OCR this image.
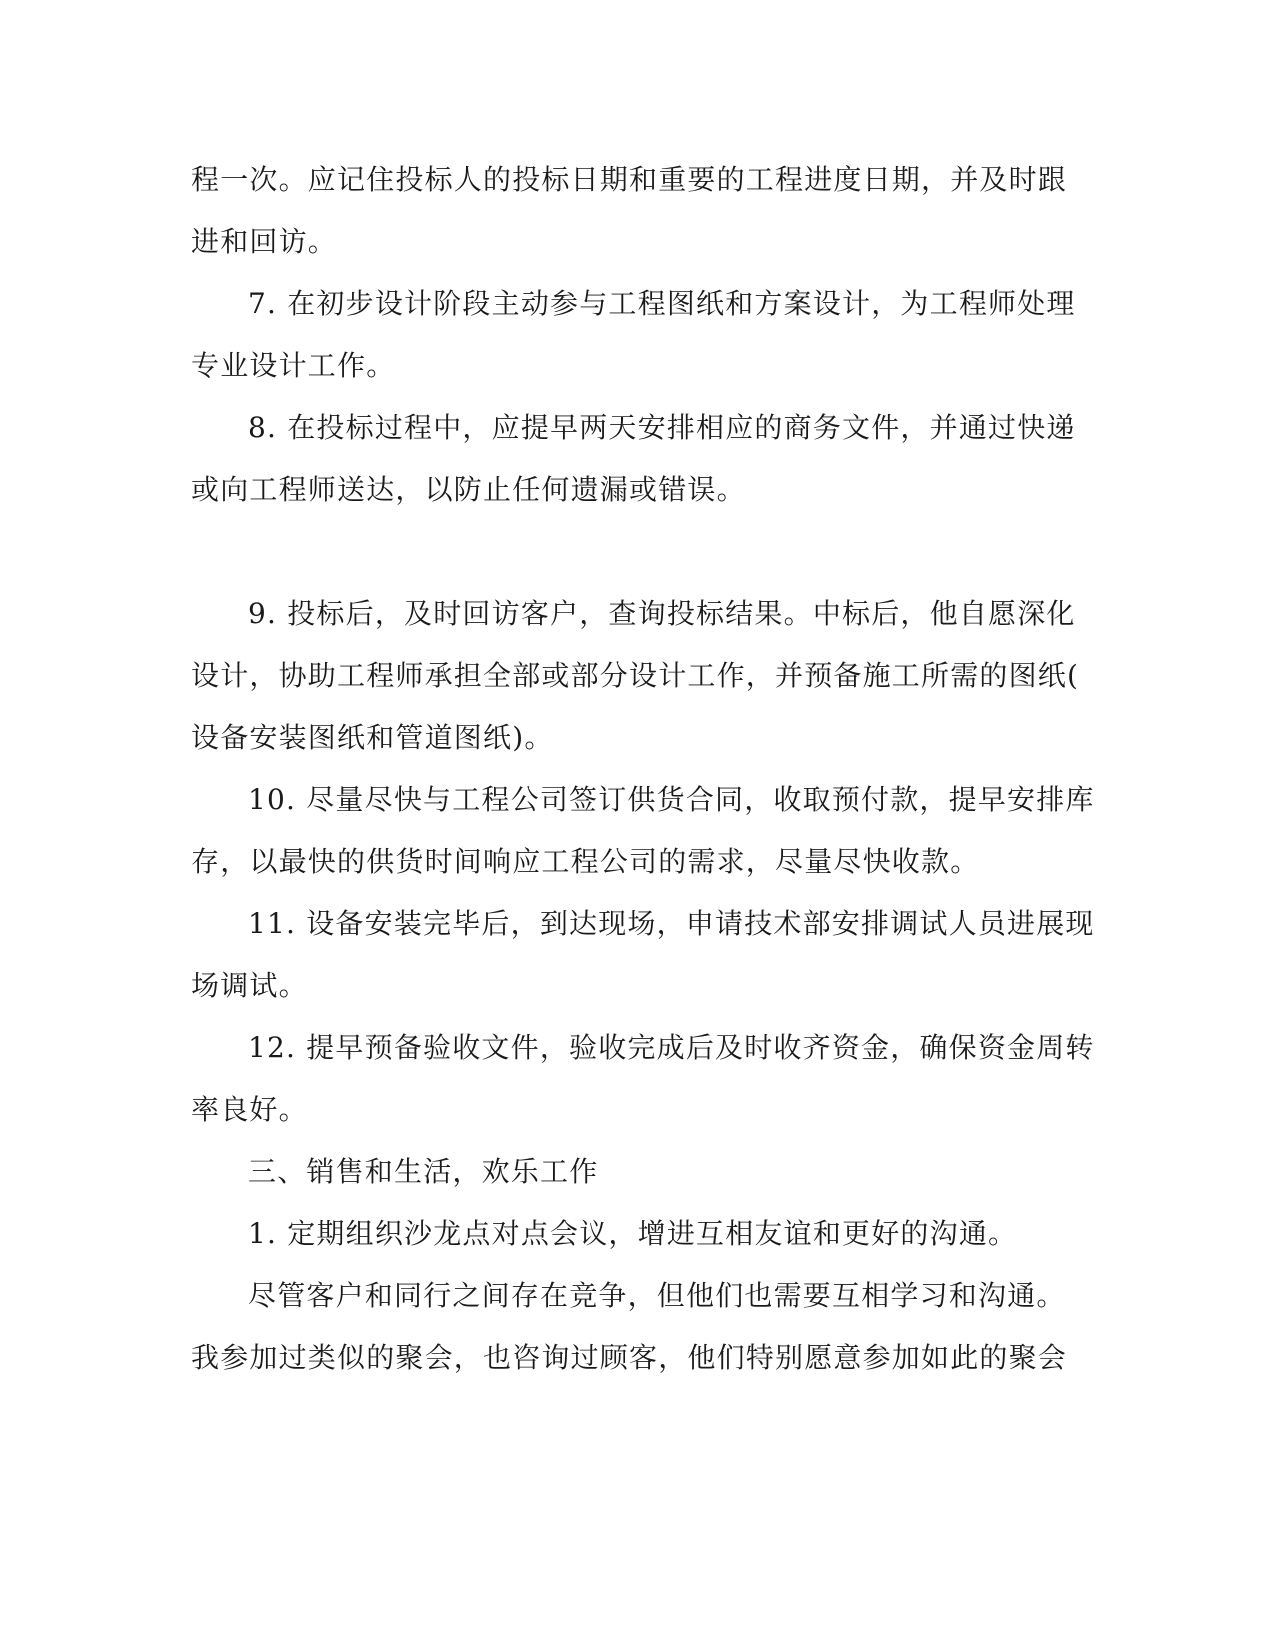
程一次。应记住投标人的投标日期和重要的工程进度日期，并及时跟
进和回访。
7. 在初步设计阶段主动参与工程图纸和方案设计，为工程师处理
专业设计工作。
8. 在投标过程中，应提早两天安排相应的商务文件，并通过快递
或向工程师送达，以防止任何遗漏或错误。
9. 投标后，及时回访客户，查询投标结果。中标后，他自愿深化
设计，协助工程师承担全部或部分设计工作，并预备施工所需的图纸(
设备安装图纸和管道图纸)。
10. 尽量尽快与工程公司签订供货合同，收取预付款，提早安排库
存，以最快的供货时间响应工程公司的需求，尽量尽快收款。
11. 设备安装完毕后，到达现场，申请技术部安排调试人员进展现
场调试。
12. 提早预备验收文件，验收完成后及时收齐资金，确保资金周转
率良好。
三、销售和生活，欢乐工作
1. 定期组织沙龙点对点会议，增进互相友谊和更好的沟通。
尽管客户和同行之间存在竞争，但他们也需要互相学习和沟通。
我参加过类似的聚会，也咨询过顾客，他们特别愿意参加如此的聚会
